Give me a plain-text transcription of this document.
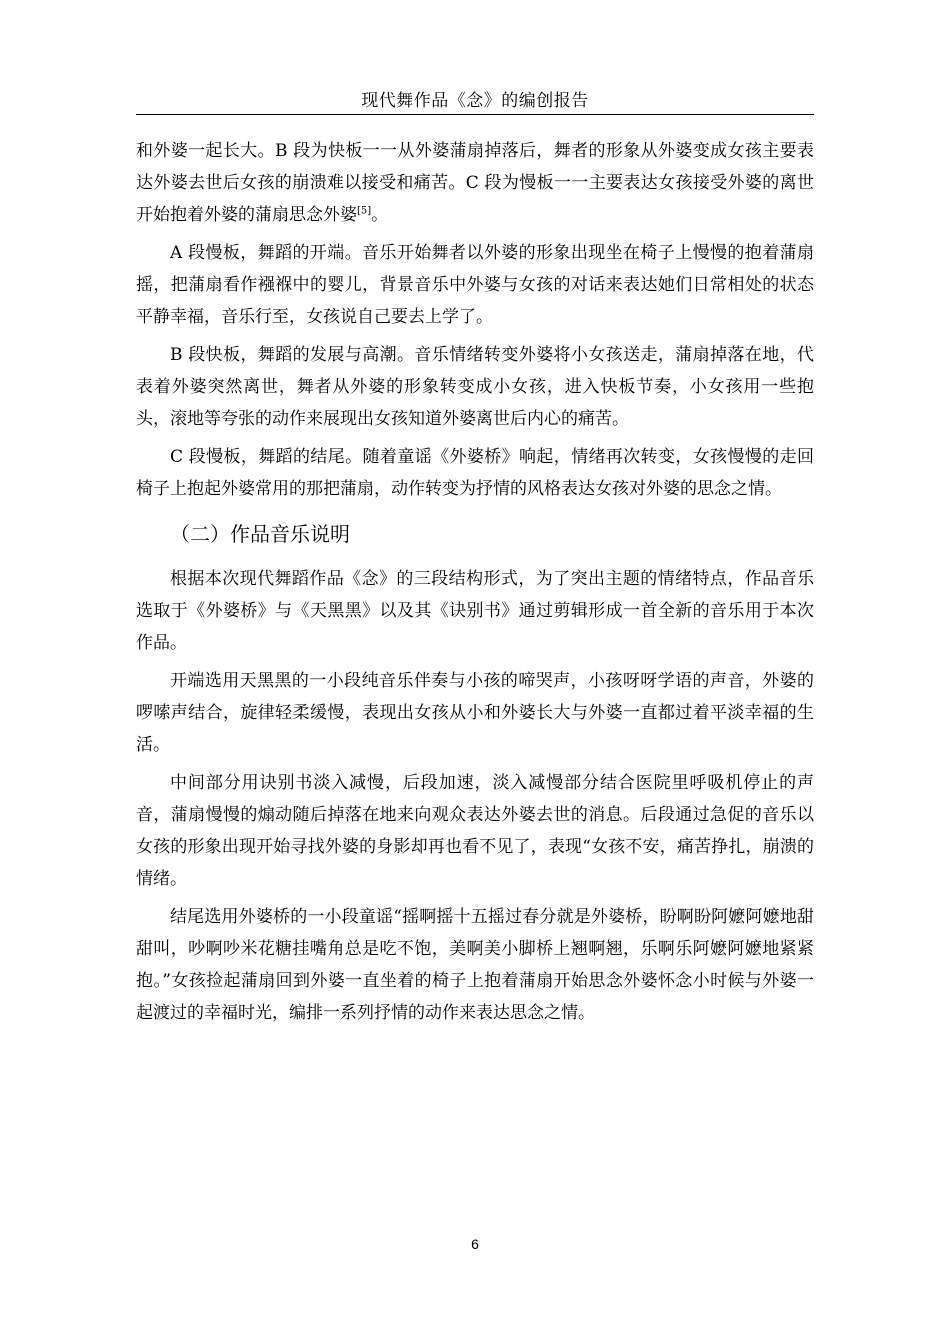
现代舞作品《念》的编创报告

和外婆一起长大。B 段为快板一一从外婆蒲扇掉落后，舞者的形象从外婆变成女孩主要表达外婆去世后女孩的崩溃难以接受和痛苦。C 段为慢板一一主要表达女孩接受外婆的离世开始抱着外婆的蒲扇思念外婆[5]。

A 段慢板，舞蹈的开端。音乐开始舞者以外婆的形象出现坐在椅子上慢慢的抱着蒲扇摇，把蒲扇看作襁褓中的婴儿，背景音乐中外婆与女孩的对话来表达她们日常相处的状态平静幸福，音乐行至，女孩说自己要去上学了。

B 段快板，舞蹈的发展与高潮。音乐情绪转变外婆将小女孩送走，蒲扇掉落在地，代表着外婆突然离世，舞者从外婆的形象转变成小女孩，进入快板节奏，小女孩用一些抱头，滚地等夸张的动作来展现出女孩知道外婆离世后内心的痛苦。

C 段慢板，舞蹈的结尾。随着童谣《外婆桥》响起，情绪再次转变，女孩慢慢的走回椅子上抱起外婆常用的那把蒲扇，动作转变为抒情的风格表达女孩对外婆的思念之情。

（二）作品音乐说明

根据本次现代舞蹈作品《念》的三段结构形式，为了突出主题的情绪特点，作品音乐选取于《外婆桥》与《天黑黑》以及其《诀别书》通过剪辑形成一首全新的音乐用于本次作品。

开端选用天黑黑的一小段纯音乐伴奏与小孩的啼哭声，小孩呀呀学语的声音，外婆的啰嗦声结合，旋律轻柔缓慢，表现出女孩从小和外婆长大与外婆一直都过着平淡幸福的生活。

中间部分用诀别书淡入减慢，后段加速，淡入减慢部分结合医院里呼吸机停止的声音，蒲扇慢慢的煽动随后掉落在地来向观众表达外婆去世的消息。后段通过急促的音乐以女孩的形象出现开始寻找外婆的身影却再也看不见了，表现“女孩不安，痛苦挣扎，崩溃的情绪。

结尾选用外婆桥的一小段童谣“摇啊摇十五摇过春分就是外婆桥，盼啊盼阿嬷阿嬷地甜甜叫，吵啊吵米花糖挂嘴角总是吃不饱，美啊美小脚桥上翘啊翘，乐啊乐阿嬷阿嬷地紧紧抱。”女孩捡起蒲扇回到外婆一直坐着的椅子上抱着蒲扇开始思念外婆怀念小时候与外婆一起渡过的幸福时光，编排一系列抒情的动作来表达思念之情。

6
